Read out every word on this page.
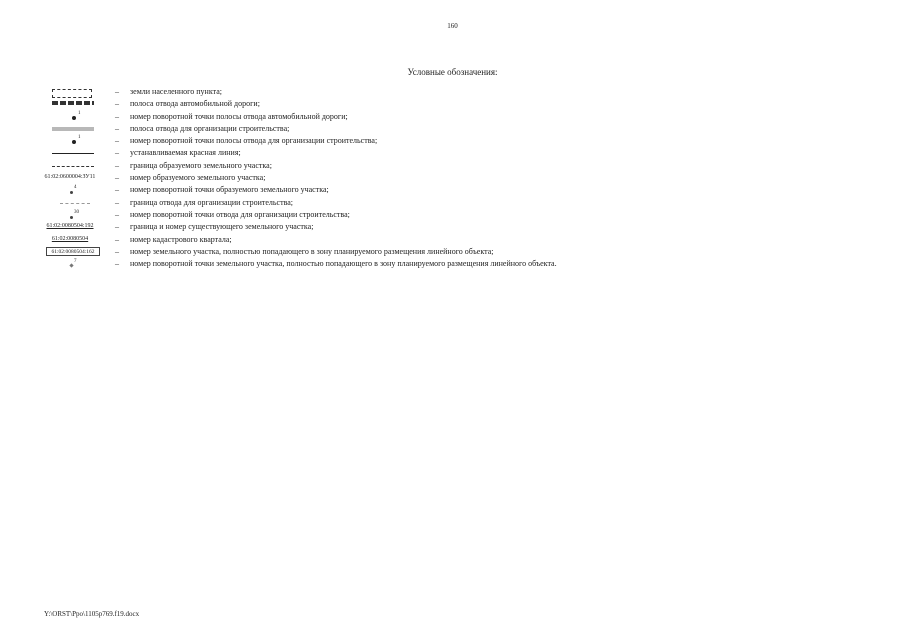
160
Условные обозначения:
– земли населенного пункта;
– полоса отвода автомобильной дороги;
1	– номер поворотной точки полосы отвода автомобильной дороги;
– полоса отвода для организации строительства;
1	– номер поворотной точки полосы отвода для организации строительства;
– устанавливаемая красная линия;
– граница образуемого земельного участка;
61:02:0600004:ЗУ11	– номер образуемого земельного участка;
4	– номер поворотной точки образуемого земельного участка;
– граница отвода для организации строительства;
30	– номер поворотной точки отвода для организации строительства;
61:02:0080504:192	– граница и номер существующего земельного участка;
61:02:0080504	– номер кадастрового квартала;
61:02:0080504:162	– номер земельного участка, полностью попадающего в зону планируемого размещения линейного объекта;
7	– номер поворотной точки земельного участка, полностью попадающего в зону планируемого размещения линейного объекта.
Y:\ORST\Ppo\1105p769.f19.docx
